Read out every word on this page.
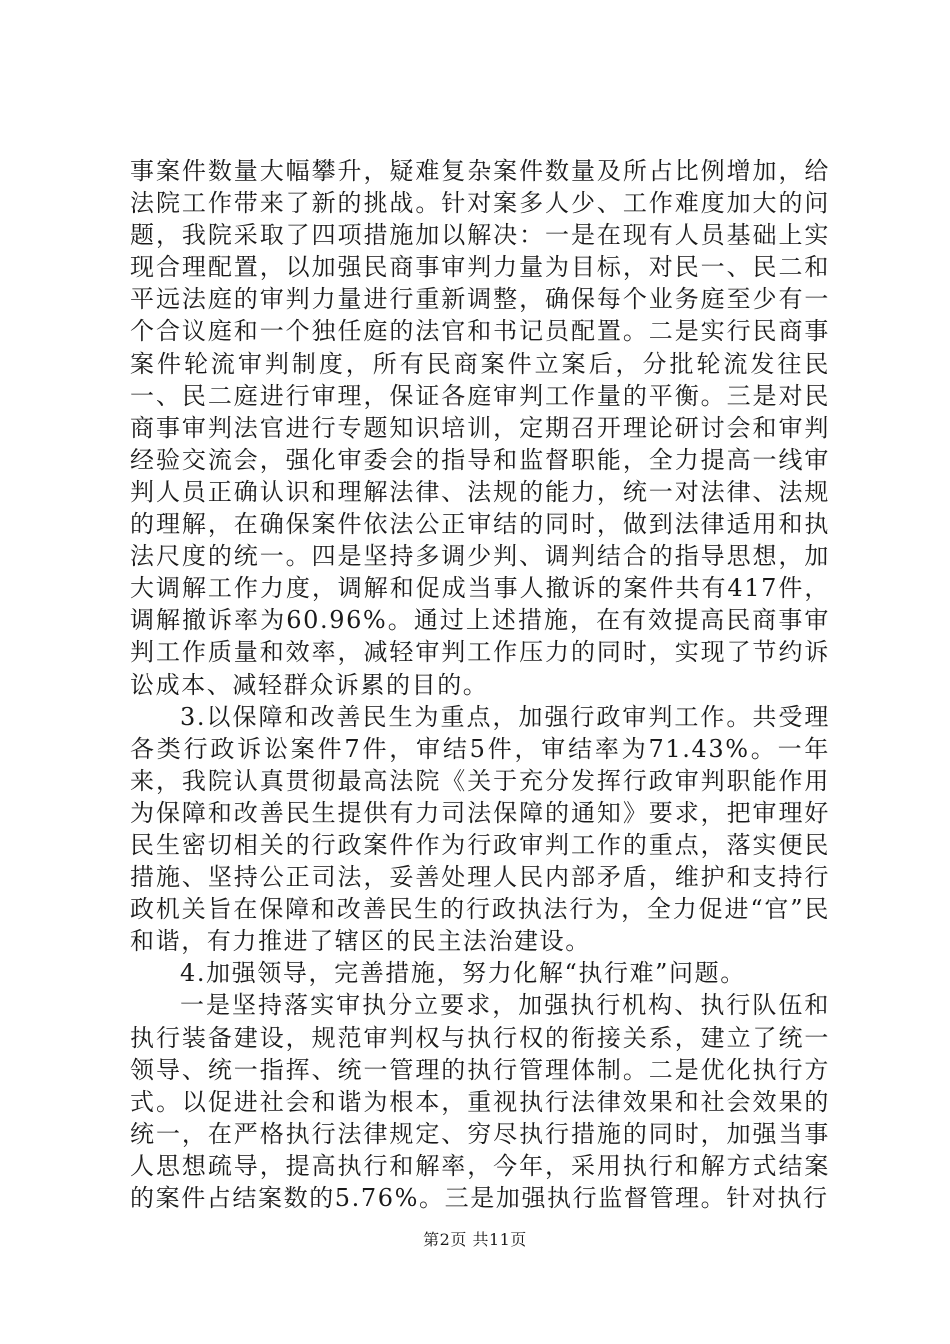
事案件数量大幅攀升，疑难复杂案件数量及所占比例增加，给法院工作带来了新的挑战。针对案多人少、工作难度加大的问题，我院采取了四项措施加以解决：一是在现有人员基础上实现合理配置，以加强民商事审判力量为目标，对民一、民二和平远法庭的审判力量进行重新调整，确保每个业务庭至少有一个合议庭和一个独任庭的法官和书记员配置。二是实行民商事案件轮流审判制度，所有民商案件立案后，分批轮流发往民一、民二庭进行审理，保证各庭审判工作量的平衡。三是对民商事审判法官进行专题知识培训，定期召开理论研讨会和审判经验交流会，强化审委会的指导和监督职能，全力提高一线审判人员正确认识和理解法律、法规的能力，统一对法律、法规的理解，在确保案件依法公正审结的同时，做到法律适用和执法尺度的统一。四是坚持多调少判、调判结合的指导思想，加大调解工作力度，调解和促成当事人撤诉的案件共有417件，调解撤诉率为60.96%。通过上述措施，在有效提高民商事审判工作质量和效率，减轻审判工作压力的同时，实现了节约诉讼成本、减轻群众诉累的目的。

3.以保障和改善民生为重点，加强行政审判工作。共受理各类行政诉讼案件7件，审结5件，审结率为71.43%。一年来，我院认真贯彻最高法院《关于充分发挥行政审判职能作用为保障和改善民生提供有力司法保障的通知》要求，把审理好民生密切相关的行政案件作为行政审判工作的重点，落实便民措施、坚持公正司法，妥善处理人民内部矛盾，维护和支持行政机关旨在保障和改善民生的行政执法行为，全力促进“官”民和谐，有力推进了辖区的民主法治建设。

4.加强领导，完善措施，努力化解“执行难”问题。

一是坚持落实审执分立要求，加强执行机构、执行队伍和执行装备建设，规范审判权与执行权的衔接关系，建立了统一领导、统一指挥、统一管理的执行管理体制。二是优化执行方式。以促进社会和谐为根本，重视执行法律效果和社会效果的统一，在严格执行法律规定、穷尽执行措施的同时，加强当事人思想疏导，提高执行和解率，今年，采用执行和解方式结案的案件占结案数的5.76%。三是加强执行监督管理。针对执行

第2页 共11页
